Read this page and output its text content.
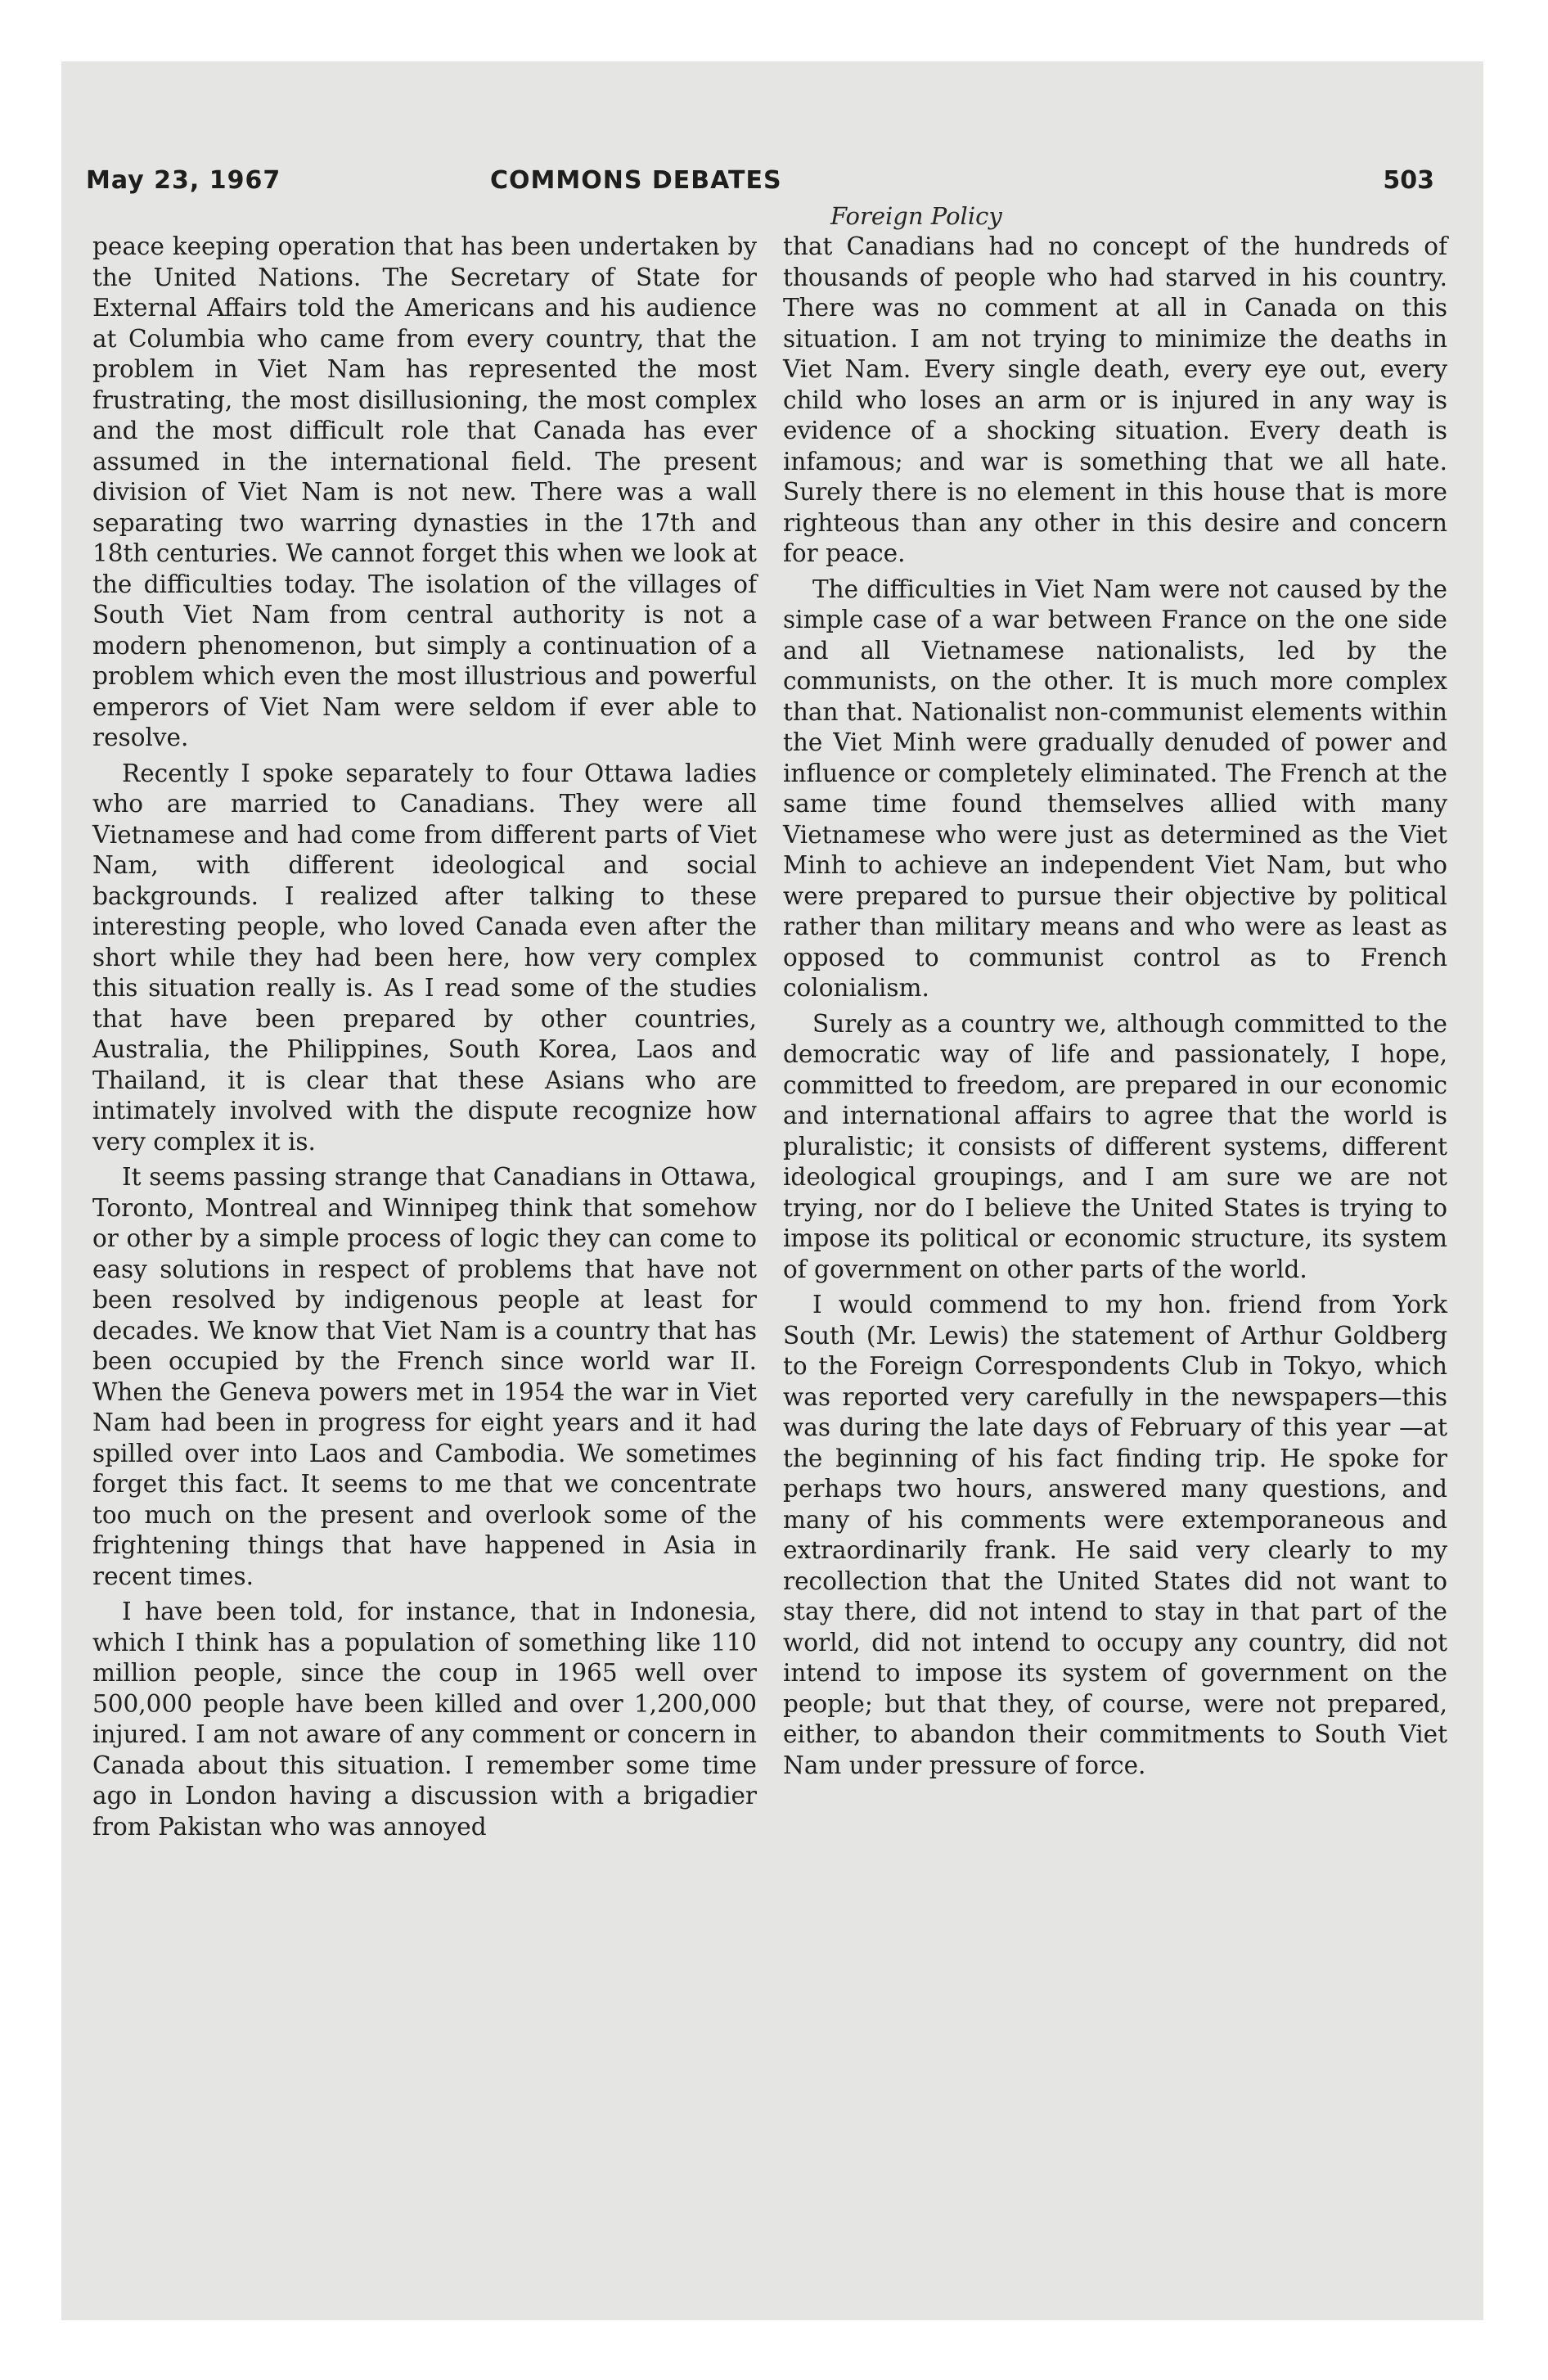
May 23, 1967	COMMONS DEBATES	503
Foreign Policy

peace keeping operation that has been undertaken by the United Nations. The Secretary of State for External Affairs told the Americans and his audience at Columbia who came from every country, that the problem in Viet Nam has represented the most frustrating, the most disillusioning, the most complex and the most difficult role that Canada has ever assumed in the international field. The present division of Viet Nam is not new. There was a wall separating two warring dynasties in the 17th and 18th centuries. We cannot forget this when we look at the difficulties today. The isolation of the villages of South Viet Nam from central authority is not a modern phenomenon, but simply a continuation of a problem which even the most illustrious and powerful emperors of Viet Nam were seldom if ever able to resolve.

Recently I spoke separately to four Ottawa ladies who are married to Canadians. They were all Vietnamese and had come from different parts of Viet Nam, with different ideological and social backgrounds. I realized after talking to these interesting people, who loved Canada even after the short while they had been here, how very complex this situation really is. As I read some of the studies that have been prepared by other countries, Australia, the Philippines, South Korea, Laos and Thailand, it is clear that these Asians who are intimately involved with the dispute recognize how very complex it is.

It seems passing strange that Canadians in Ottawa, Toronto, Montreal and Winnipeg think that somehow or other by a simple process of logic they can come to easy solutions in respect of problems that have not been resolved by indigenous people at least for decades. We know that Viet Nam is a country that has been occupied by the French since world war II. When the Geneva powers met in 1954 the war in Viet Nam had been in progress for eight years and it had spilled over into Laos and Cambodia. We sometimes forget this fact. It seems to me that we concentrate too much on the present and overlook some of the frightening things that have happened in Asia in recent times.

I have been told, for instance, that in Indonesia, which I think has a population of something like 110 million people, since the coup in 1965 well over 500,000 people have been killed and over 1,200,000 injured. I am not aware of any comment or concern in Canada about this situation. I remember some time ago in London having a discussion with a brigadier from Pakistan who was annoyed

that Canadians had no concept of the hundreds of thousands of people who had starved in his country. There was no comment at all in Canada on this situation. I am not trying to minimize the deaths in Viet Nam. Every single death, every eye out, every child who loses an arm or is injured in any way is evidence of a shocking situation. Every death is infamous; and war is something that we all hate. Surely there is no element in this house that is more righteous than any other in this desire and concern for peace.

The difficulties in Viet Nam were not caused by the simple case of a war between France on the one side and all Vietnamese nationalists, led by the communists, on the other. It is much more complex than that. Nationalist non-communist elements within the Viet Minh were gradually denuded of power and influence or completely eliminated. The French at the same time found themselves allied with many Vietnamese who were just as determined as the Viet Minh to achieve an independent Viet Nam, but who were prepared to pursue their objective by political rather than military means and who were as least as opposed to communist control as to French colonialism.

Surely as a country we, although committed to the democratic way of life and passionately, I hope, committed to freedom, are prepared in our economic and international affairs to agree that the world is pluralistic; it consists of different systems, different ideological groupings, and I am sure we are not trying, nor do I believe the United States is trying to impose its political or economic structure, its system of government on other parts of the world.

I would commend to my hon. friend from York South (Mr. Lewis) the statement of Arthur Goldberg to the Foreign Correspondents Club in Tokyo, which was reported very carefully in the newspapers—this was during the late days of February of this year —at the beginning of his fact finding trip. He spoke for perhaps two hours, answered many questions, and many of his comments were extemporaneous and extraordinarily frank. He said very clearly to my recollection that the United States did not want to stay there, did not intend to stay in that part of the world, did not intend to occupy any country, did not intend to impose its system of government on the people; but that they, of course, were not prepared, either, to abandon their commitments to South Viet Nam under pressure of force.
